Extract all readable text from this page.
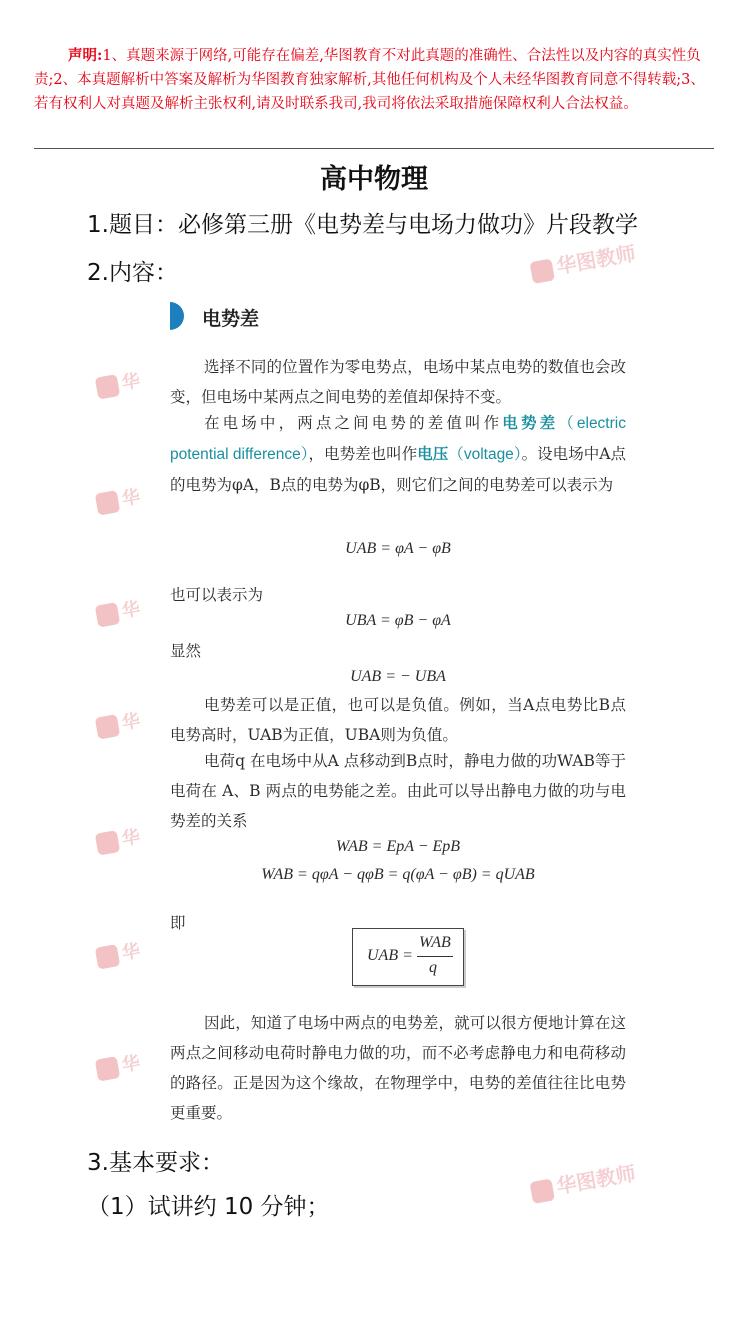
声明:1、真题来源于网络,可能存在偏差,华图教育不对此真题的准确性、合法性以及内容的真实性负责;2、本真题解析中答案及解析为华图教育独家解析,其他任何机构及个人未经华图教育同意不得转载;3、若有权利人对真题及解析主张权利,请及时联系我司,我司将依法采取措施保障权利人合法权益。

高中物理

1.题目：必修第三册《电势差与电场力做功》片段教学

2.内容：

电势差

选择不同的位置作为零电势点，电场中某点电势的数值也会改变，但电场中某两点之间电势的差值却保持不变。

在电场中，两点之间电势的差值叫作电势差（electric potential difference），电势差也叫作电压（voltage）。设电场中A点的电势为φA，B点的电势为φB，则它们之间的电势差可以表示为

UAB = φA − φB

也可以表示为

UBA = φB − φA

显然

UAB = − UBA

电势差可以是正值，也可以是负值。例如，当A点电势比B点电势高时，UAB为正值，UBA则为负值。

电荷q 在电场中从A 点移动到B点时，静电力做的功WAB等于电荷在 A、B 两点的电势能之差。由此可以导出静电力做的功与电势差的关系

WAB = EpA − EpB
WAB = qφA − qφB = q(φA − φB) = qUAB

即

UAB =
WAB
q

因此，知道了电场中两点的电势差，就可以很方便地计算在这两点之间移动电荷时静电力做的功，而不必考虑静电力和电荷移动的路径。正是因为这个缘故，在物理学中，电势的差值往往比电势更重要。

3.基本要求：

（1）试讲约 10 分钟；

华图教师
华图教师
华
华
华
华
华
华
华
